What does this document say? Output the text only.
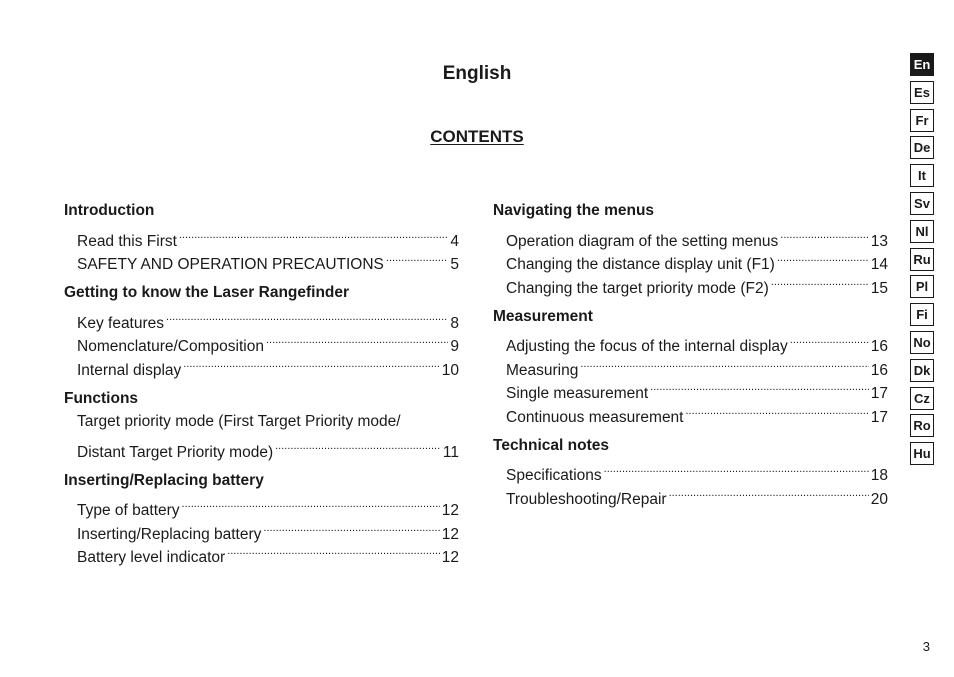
English
CONTENTS
Introduction
Read this First .....	4
SAFETY AND OPERATION PRECAUTIONS .....	5
Getting to know the Laser Rangefinder
Key features .....	8
Nomenclature/Composition .....	9
Internal display .....	10
Functions
Target priority mode (First Target Priority mode/
Distant Target Priority mode) .....	11
Inserting/Replacing battery
Type of battery .....	12
Inserting/Replacing battery .....	12
Battery level indicator .....	12
Navigating the menus
Operation diagram of the setting menus .....	13
Changing the distance display unit (F1) .....	14
Changing the target priority mode (F2) .....	15
Measurement
Adjusting the focus of the internal display .....	16
Measuring .....	16
Single measurement .....	17
Continuous measurement .....	17
Technical notes
Specifications .....	18
Troubleshooting/Repair .....	20
En
Es
Fr
De
It
Sv
Nl
Ru
Pl
Fi
No
Dk
Cz
Ro
Hu
3
